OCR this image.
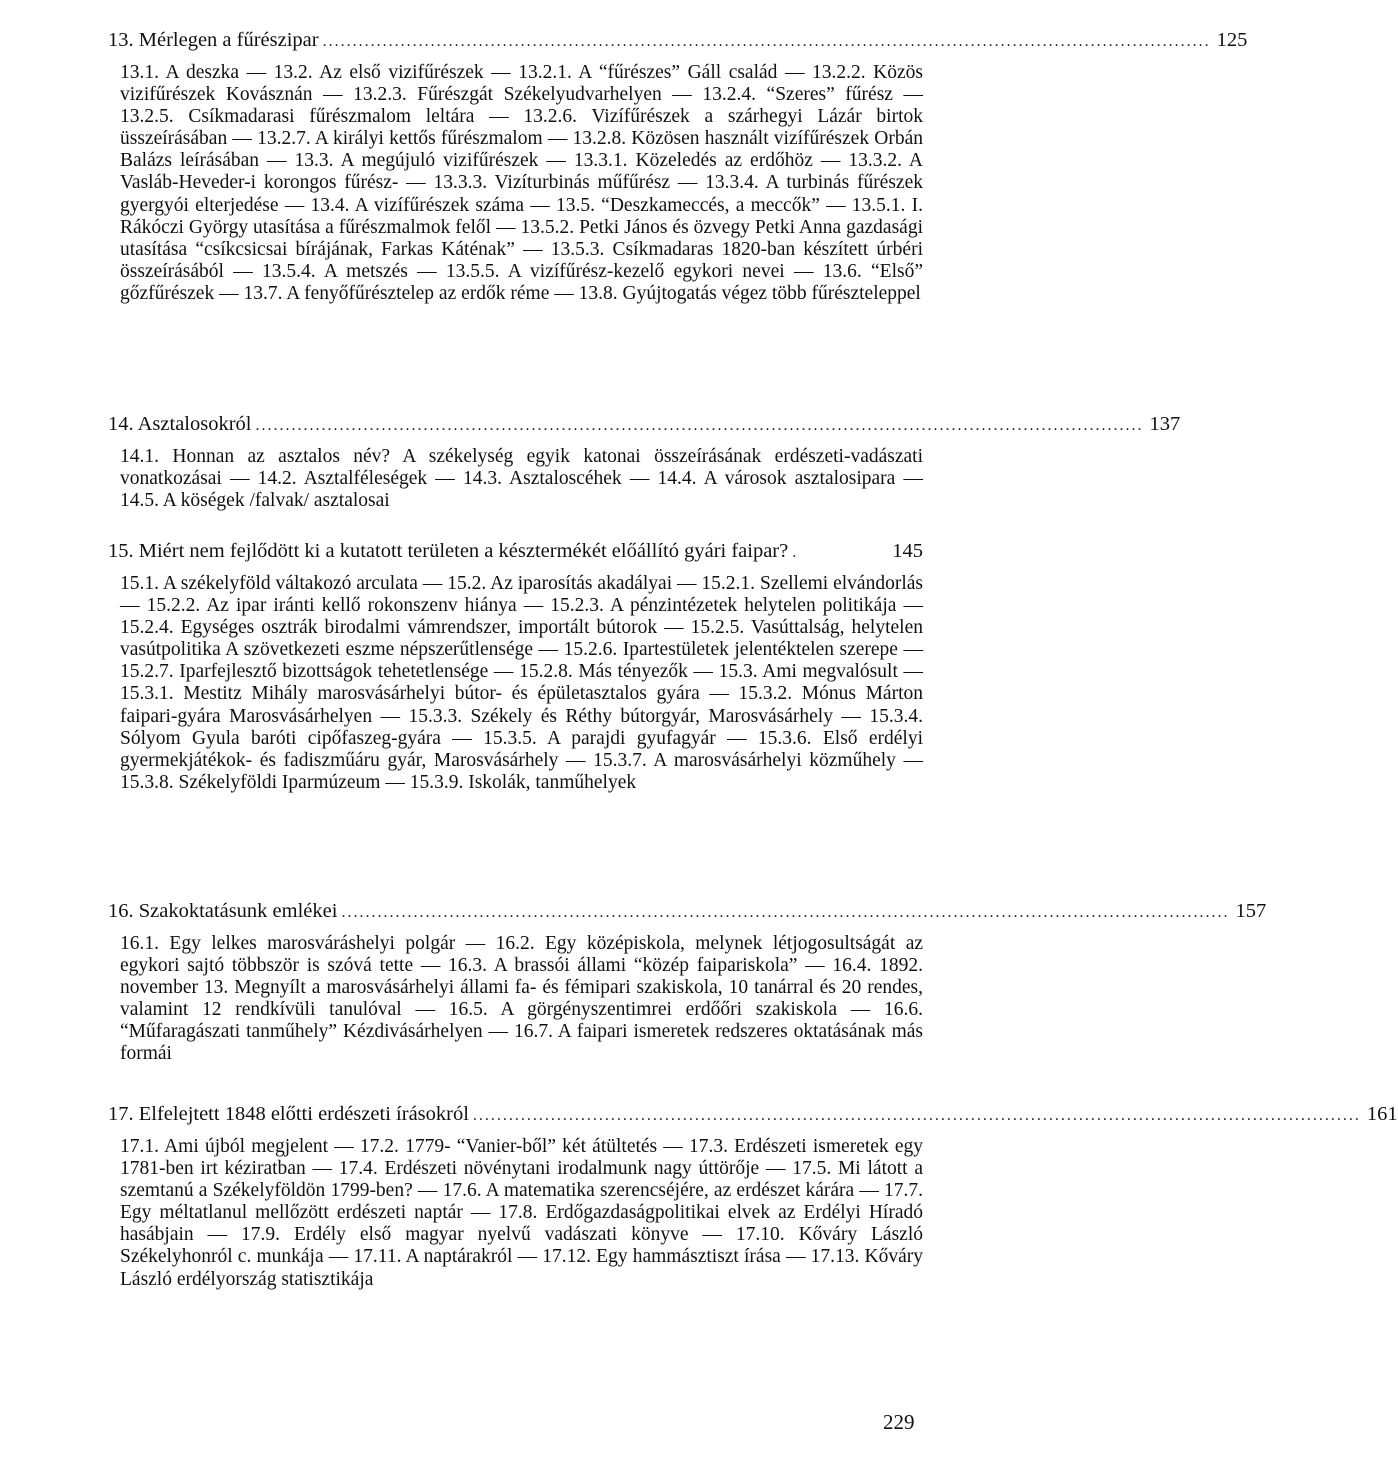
13. Mérlegen a fűrészipar .................................................................................................................................................... 125
13.1. A deszka — 13.2. Az első vizifűrészek — 13.2.1. A “fűrészes” Gáll család — 13.2.2. Közös vizifűrészek Kovásznán — 13.2.3. Fűrészgát Székelyudvarhelyen — 13.2.4. “Szeres” fűrész — 13.2.5. Csíkmadarasi fűrészmalom leltára — 13.2.6. Vizífűrészek a szárhegyi Lázár birtok üsszeírásában — 13.2.7. A királyi kettős fűrészmalom — 13.2.8. Közösen használt vizífűrészek Orbán Balázs leírásában — 13.3. A megújuló vizifűrészek — 13.3.1. Közeledés az erdőhöz — 13.3.2. A Vasláb-Heveder-i korongos fűrész- — 13.3.3. Vizíturbinás műfűrész — 13.3.4. A turbinás fűrészek gyergyói elterjedése — 13.4. A vizífűrészek száma — 13.5. “Deszkameccés, a meccők” — 13.5.1. I. Rákóczi György utasítása a fűrészmalmok felől — 13.5.2. Petki János és özvegy Petki Anna gazdasági utasítása “csíkcsicsai bírájának, Farkas Káténak” — 13.5.3. Csíkmadaras 1820-ban készített úrbéri összeírásából — 13.5.4. A metszés — 13.5.5. A vizífűrész-kezelő egykori nevei — 13.6. “Első” gőzfűrészek — 13.7. A fenyőfűrésztelep az erdők réme — 13.8. Gyújtogatás végez több fűrészteleppel
14. Asztalosokról .................................................................................................................................................... 137
14.1. Honnan az asztalos név? A székelység egyik katonai összeírásának erdészeti-vadászati vonatkozásai — 14.2. Asztalféleségek — 14.3. Asztaloscéhek — 14.4. A városok asztalosipara — 14.5. A köségek /falvak/ asztalosai
15. Miért nem fejlődött ki a kutatott területen a késztermékét előállító gyári faipar? .	145
15.1. A székelyföld váltakozó arculata — 15.2. Az iparosítás akadályai — 15.2.1. Szellemi elvándorlás — 15.2.2. Az ipar iránti kellő rokonszenv hiánya — 15.2.3. A pénzintézetek helytelen politikája — 15.2.4. Egységes osztrák birodalmi vámrendszer, importált bútorok — 15.2.5. Vasúttalság, helytelen vasútpolitika A szövetkezeti eszme népszerűtlensége — 15.2.6. Ipartestületek jelentéktelen szerepe — 15.2.7. Iparfejlesztő bizottságok tehetetlensége — 15.2.8. Más tényezők — 15.3. Ami megvalósult — 15.3.1. Mestitz Mihály marosvásárhelyi bútor- és épületasztalos gyára — 15.3.2. Mónus Márton faipari-gyára Marosvásárhelyen — 15.3.3. Székely és Réthy bútorgyár, Marosvásárhely — 15.3.4. Sólyom Gyula baróti cipőfaszeg-gyára — 15.3.5. A parajdi gyufagyár — 15.3.6. Első erdélyi gyermekjátékok- és fadiszműáru gyár, Marosvásárhely — 15.3.7. A marosvásárhelyi közműhely — 15.3.8. Székelyföldi Iparmúzeum — 15.3.9. Iskolák, tanműhelyek
16. Szakoktatásunk emlékei .................................................................................................................................................... 157
16.1. Egy lelkes marosváráshelyi polgár — 16.2. Egy középiskola, melynek létjogosultságát az egykori sajtó többször is szóvá tette — 16.3. A brassói állami “közép faipariskola” — 16.4. 1892. november 13. Megnyílt a marosvásárhelyi állami fa- és fémipari szakiskola, 10 tanárral és 20 rendes, valamint 12 rendkívüli tanulóval — 16.5. A görgényszentimrei erdőőri szakiskola — 16.6. “Műfaragászati tanműhely” Kézdivásárhelyen — 16.7. A faipari ismeretek redszeres oktatásának más formái
17. Elfelejtett 1848 előtti erdészeti írásokról .................................................................................................................................................... 161
17.1. Ami újból megjelent — 17.2. 1779- “Vanier-ből” két átültetés — 17.3. Erdészeti ismeretek egy 1781-ben irt kéziratban — 17.4. Erdészeti növénytani irodalmunk nagy úttörője — 17.5. Mi látott a szemtanú a Székelyföldön 1799-ben? — 17.6. A matematika szerencséjére, az erdészet kárára — 17.7. Egy méltatlanul mellőzött erdészeti naptár — 17.8. Erdőgazdaságpolitikai elvek az Erdélyi Híradó hasábjain — 17.9. Erdély első magyar nyelvű vadászati könyve — 17.10. Kőváry László Székelyhonról c. munkája — 17.11. A naptárakról — 17.12. Egy hammásztiszt írása — 17.13. Kőváry László erdélyország statisztikája
229
